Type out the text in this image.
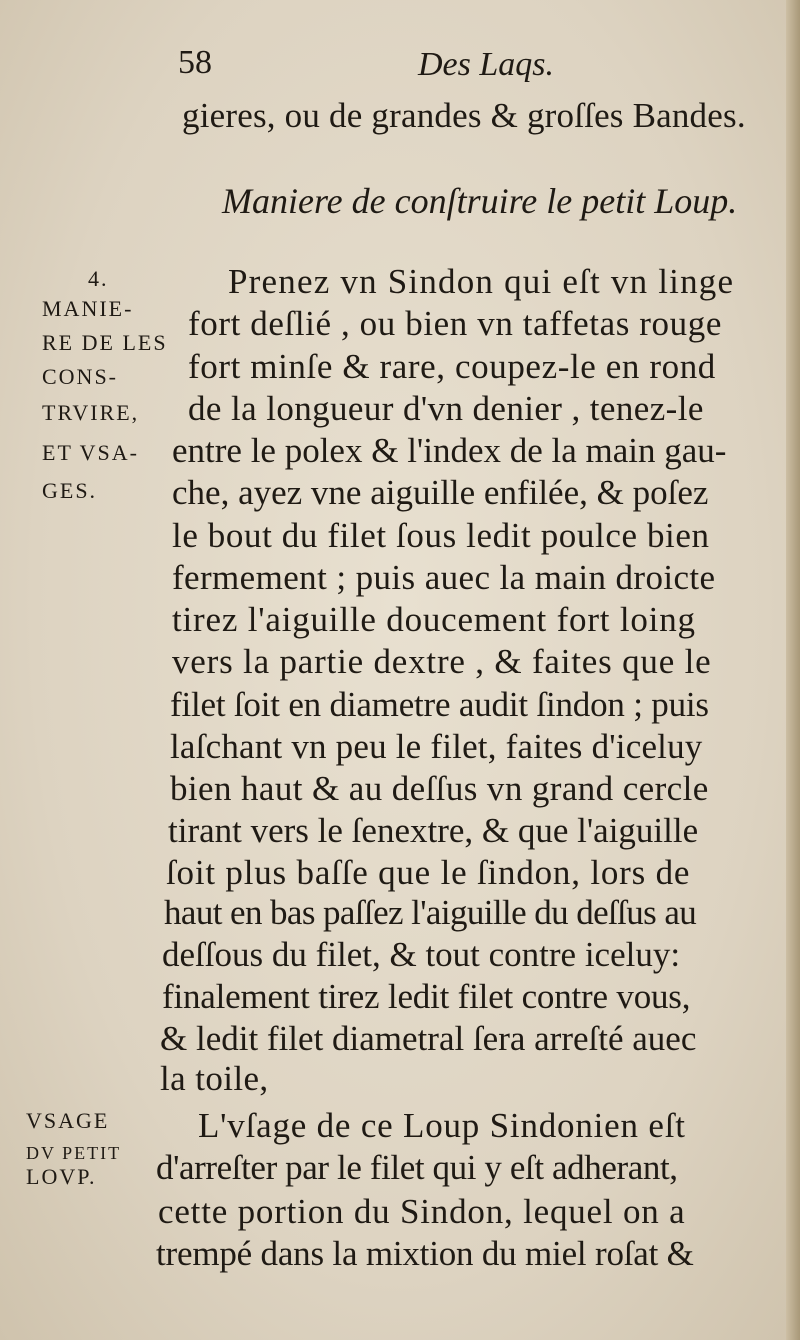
58	Des Laqs.
gieres, ou de grandes & groſſes Bandes.
Maniere de conſtruire le petit Loup.
4.
MANIE-
RE DE LES
CONS-
TRVIRE,
ET VSA-
GES.
Prenez vn Sindon qui eſt vn linge
fort deſlié , ou bien vn taffetas rouge
fort minſe & rare, coupez-le en rond
de la longueur d'vn denier , tenez-le
entre le polex & l'index de la main gau-
che, ayez vne aiguille enfilée, & poſez
le bout du filet ſous ledit poulce bien
fermement ; puis auec la main droicte
tirez l'aiguille doucement fort loing
vers la partie dextre , & faites que le
filet ſoit en diametre audit ſindon ; puis
laſchant vn peu le filet, faites d'iceluy
bien haut & au deſſus vn grand cercle
tirant vers le ſenextre, & que l'aiguille
ſoit plus baſſe que le ſindon, lors de
haut en bas paſſez l'aiguille du deſſus au
deſſous du filet, & tout contre iceluy:
finalement tirez ledit filet contre vous,
& ledit filet diametral ſera arreſté auec
la toile,
VSAGE
DV PETIT
LOVP.
L'vſage de ce Loup Sindonien eſt
d'arreſter par le filet qui y eſt adherant,
cette portion du Sindon, lequel on a
trempé dans la mixtion du miel roſat &
